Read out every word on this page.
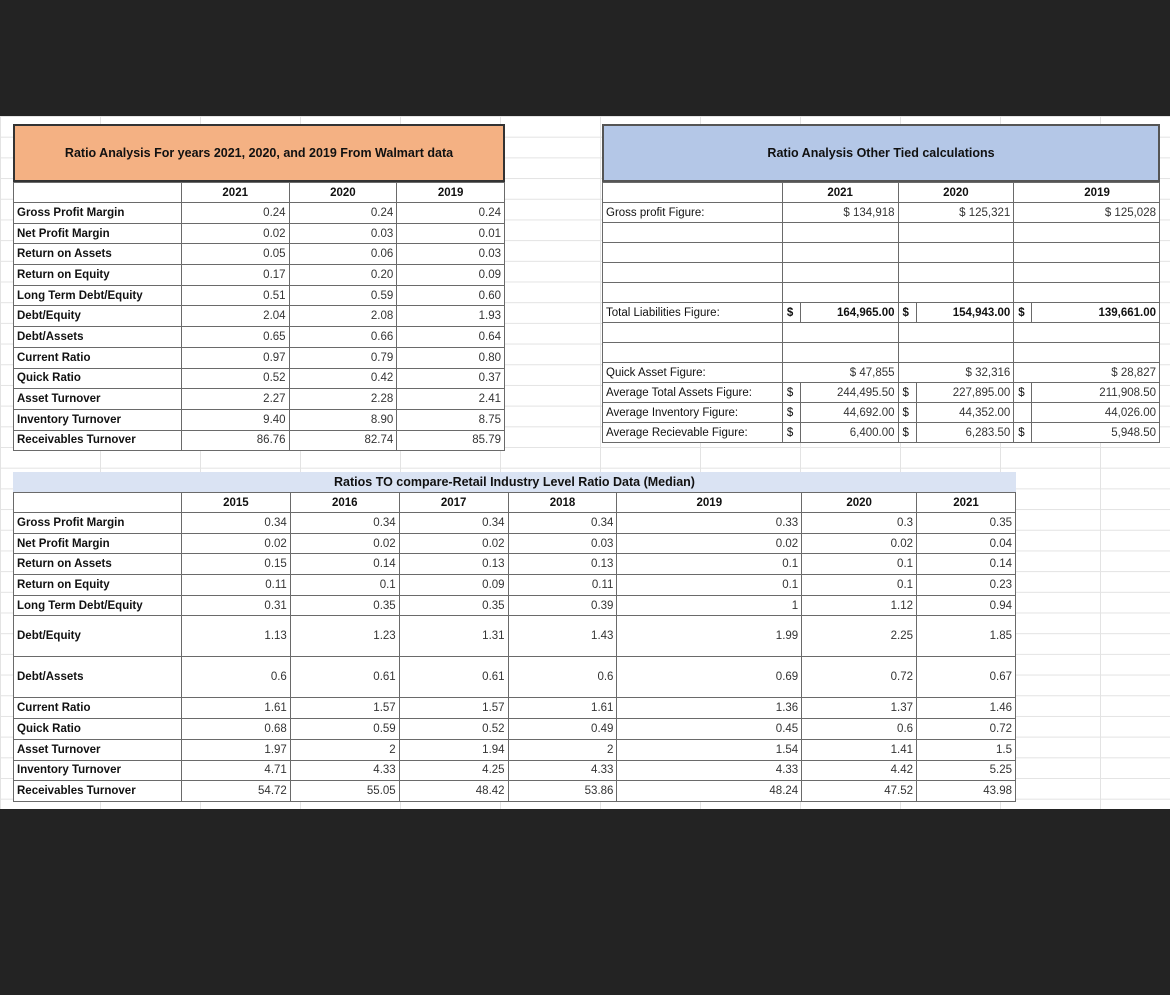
Ratio Analysis For years 2021, 2020, and 2019 From Walmart data
	2021	2020	2019
Gross Profit Margin	0.24	0.24	0.24
Net Profit Margin	0.02	0.03	0.01
Return on Assets	0.05	0.06	0.03
Return on Equity	0.17	0.20	0.09
Long Term Debt/Equity	0.51	0.59	0.60
Debt/Equity	2.04	2.08	1.93
Debt/Assets	0.65	0.66	0.64
Current Ratio	0.97	0.79	0.80
Quick Ratio	0.52	0.42	0.37
Asset Turnover	2.27	2.28	2.41
Inventory Turnover	9.40	8.90	8.75
Receivables Turnover	86.76	82.74	85.79
Ratio Analysis Other Tied calculations
	2021		2020		2019	
Gross profit Figure:	$ 134,918		$ 125,321		$ 125,028	

Total Liabilities Figure:	$	164,965.00	$	154,943.00	$	139,661.00

Quick Asset Figure:	$ 47,855		$ 32,316		$ 28,827	
Average Total Assets Figure:	$	244,495.50	$	227,895.00	$	211,908.50
Average Inventory Figure:	$	44,692.00	$	44,352.00		44,026.00
Average Recievable Figure:	$	6,400.00	$	6,283.50	$	5,948.50
Ratios TO compare-Retail Industry Level Ratio Data (Median)
	2015	2016	2017	2018	2019	2020	2021
Gross Profit Margin	0.34	0.34	0.34	0.34	0.33	0.3	0.35
Net Profit Margin	0.02	0.02	0.02	0.03	0.02	0.02	0.04
Return on Assets	0.15	0.14	0.13	0.13	0.1	0.1	0.14
Return on Equity	0.11	0.1	0.09	0.11	0.1	0.1	0.23
Long Term Debt/Equity	0.31	0.35	0.35	0.39	1	1.12	0.94
Debt/Equity	1.13	1.23	1.31	1.43	1.99	2.25	1.85
Debt/Assets	0.6	0.61	0.61	0.6	0.69	0.72	0.67
Current Ratio	1.61	1.57	1.57	1.61	1.36	1.37	1.46
Quick Ratio	0.68	0.59	0.52	0.49	0.45	0.6	0.72
Asset Turnover	1.97	2	1.94	2	1.54	1.41	1.5
Inventory Turnover	4.71	4.33	4.25	4.33	4.33	4.42	5.25
Receivables Turnover	54.72	55.05	48.42	53.86	48.24	47.52	43.98
